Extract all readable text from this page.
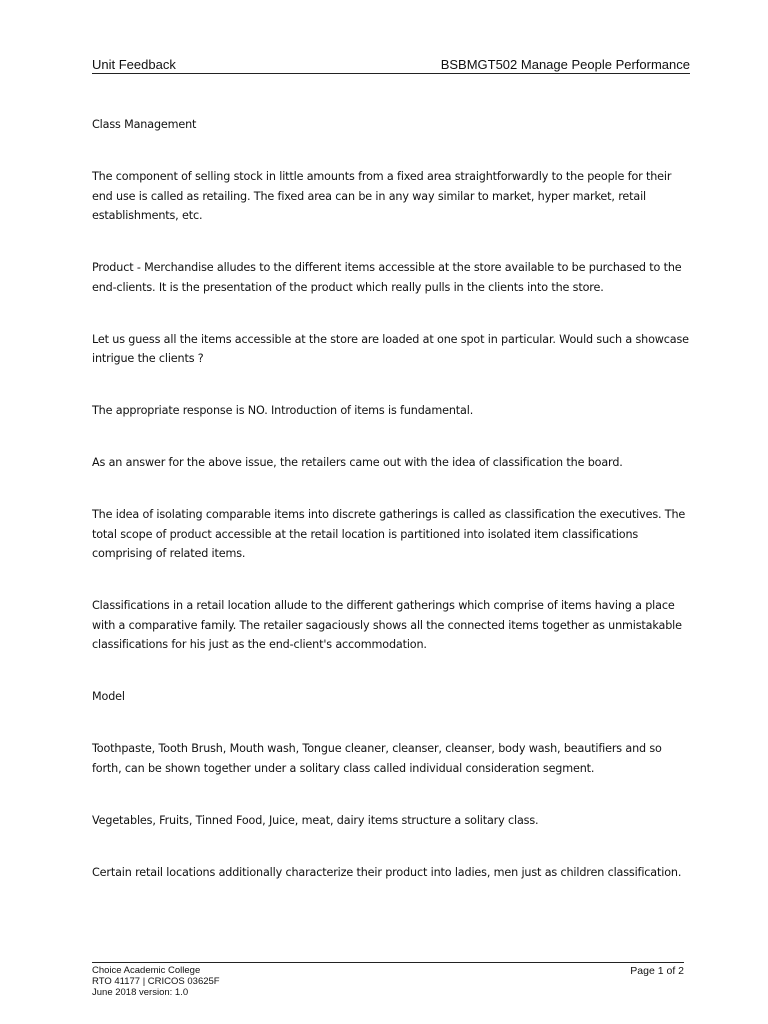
Unit Feedback	BSBMGT502 Manage People Performance

Class Management

The component of selling stock in little amounts from a fixed area straightforwardly to the people for their end use is called as retailing. The fixed area can be in any way similar to market, hyper market, retail establishments, etc.

Product - Merchandise alludes to the different items accessible at the store available to be purchased to the end-clients. It is the presentation of the product which really pulls in the clients into the store.

Let us guess all the items accessible at the store are loaded at one spot in particular. Would such a showcase intrigue the clients ?

The appropriate response is NO. Introduction of items is fundamental.

As an answer for the above issue, the retailers came out with the idea of classification the board.

The idea of isolating comparable items into discrete gatherings is called as classification the executives. The total scope of product accessible at the retail location is partitioned into isolated item classifications comprising of related items.

Classifications in a retail location allude to the different gatherings which comprise of items having a place with a comparative family. The retailer sagaciously shows all the connected items together as unmistakable classifications for his just as the end-client's accommodation.

Model

Toothpaste, Tooth Brush, Mouth wash, Tongue cleaner, cleanser, cleanser, body wash, beautifiers and so forth, can be shown together under a solitary class called individual consideration segment.

Vegetables, Fruits, Tinned Food, Juice, meat, dairy items structure a solitary class.

Certain retail locations additionally characterize their product into ladies, men just as children classification.

Choice Academic College
RTO 41177 | CRICOS 03625F
June 2018 version: 1.0
Page 1 of 2
